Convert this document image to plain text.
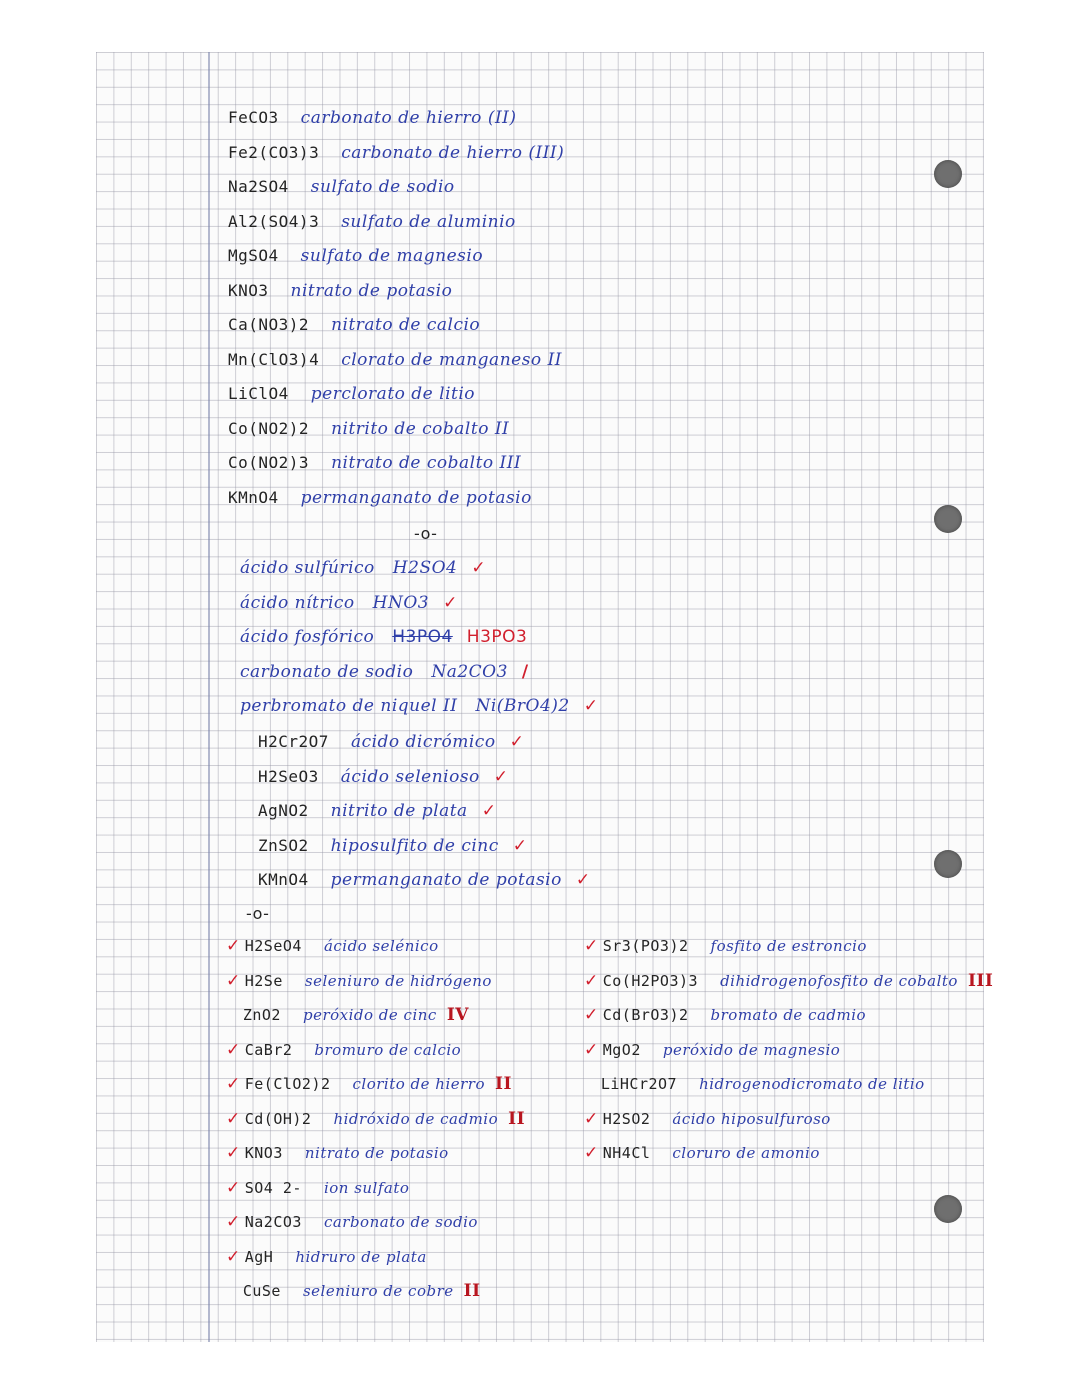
FeCO3 carbonato de hierro (II)
Fe2(CO3)3 carbonato de hierro (III)
Na2SO4 sulfato de sodio
Al2(SO4)3 sulfato de aluminio
MgSO4 sulfato de magnesio
KNO3 nitrato de potasio
Ca(NO3)2 nitrato de calcio
Mn(ClO3)4 clorato de manganeso II
LiClO4 perclorato de litio
Co(NO2)2 nitrito de cobalto II
Co(NO2)3 nitrato de cobalto III
KMnO4 permanganato de potasio
-o-
ácido sulfúrico H2SO4 ✓
ácido nítrico HNO3 ✓
ácido fosfórico H3PO4 H3PO3
carbonato de sodio Na2CO3 /
perbromato de niquel II Ni(BrO4)2 ✓
H2Cr2O7 ácido dicrómico ✓
H2SeO3 ácido selenioso ✓
AgNO2 nitrito de plata ✓
ZnSO2 hiposulfito de cinc ✓
KMnO4 permanganato de potasio ✓
-o-
✓ H2SeO4 ácido selénico
✓ H2Se seleniuro de hidrógeno
ZnO2 peróxido de cinc IV
✓ CaBr2 bromuro de calcio
✓ Fe(ClO2)2 clorito de hierro II
✓ Cd(OH)2 hidróxido de cadmio II
✓ KNO3 nitrato de potasio
✓ SO4 2- ion sulfato
✓ Na2CO3 carbonato de sodio
✓ AgH hidruro de plata
CuSe seleniuro de cobre II
✓ Sr3(PO3)2 fosfito de estroncio
✓ Co(H2PO3)3 dihidrogenofosfito de cobalto III
✓ Cd(BrO3)2 bromato de cadmio
✓ MgO2 peróxido de magnesio
LiHCr2O7 hidrogenodicromato de litio
✓ H2SO2 ácido hiposulfuroso
✓ NH4Cl cloruro de amonio
